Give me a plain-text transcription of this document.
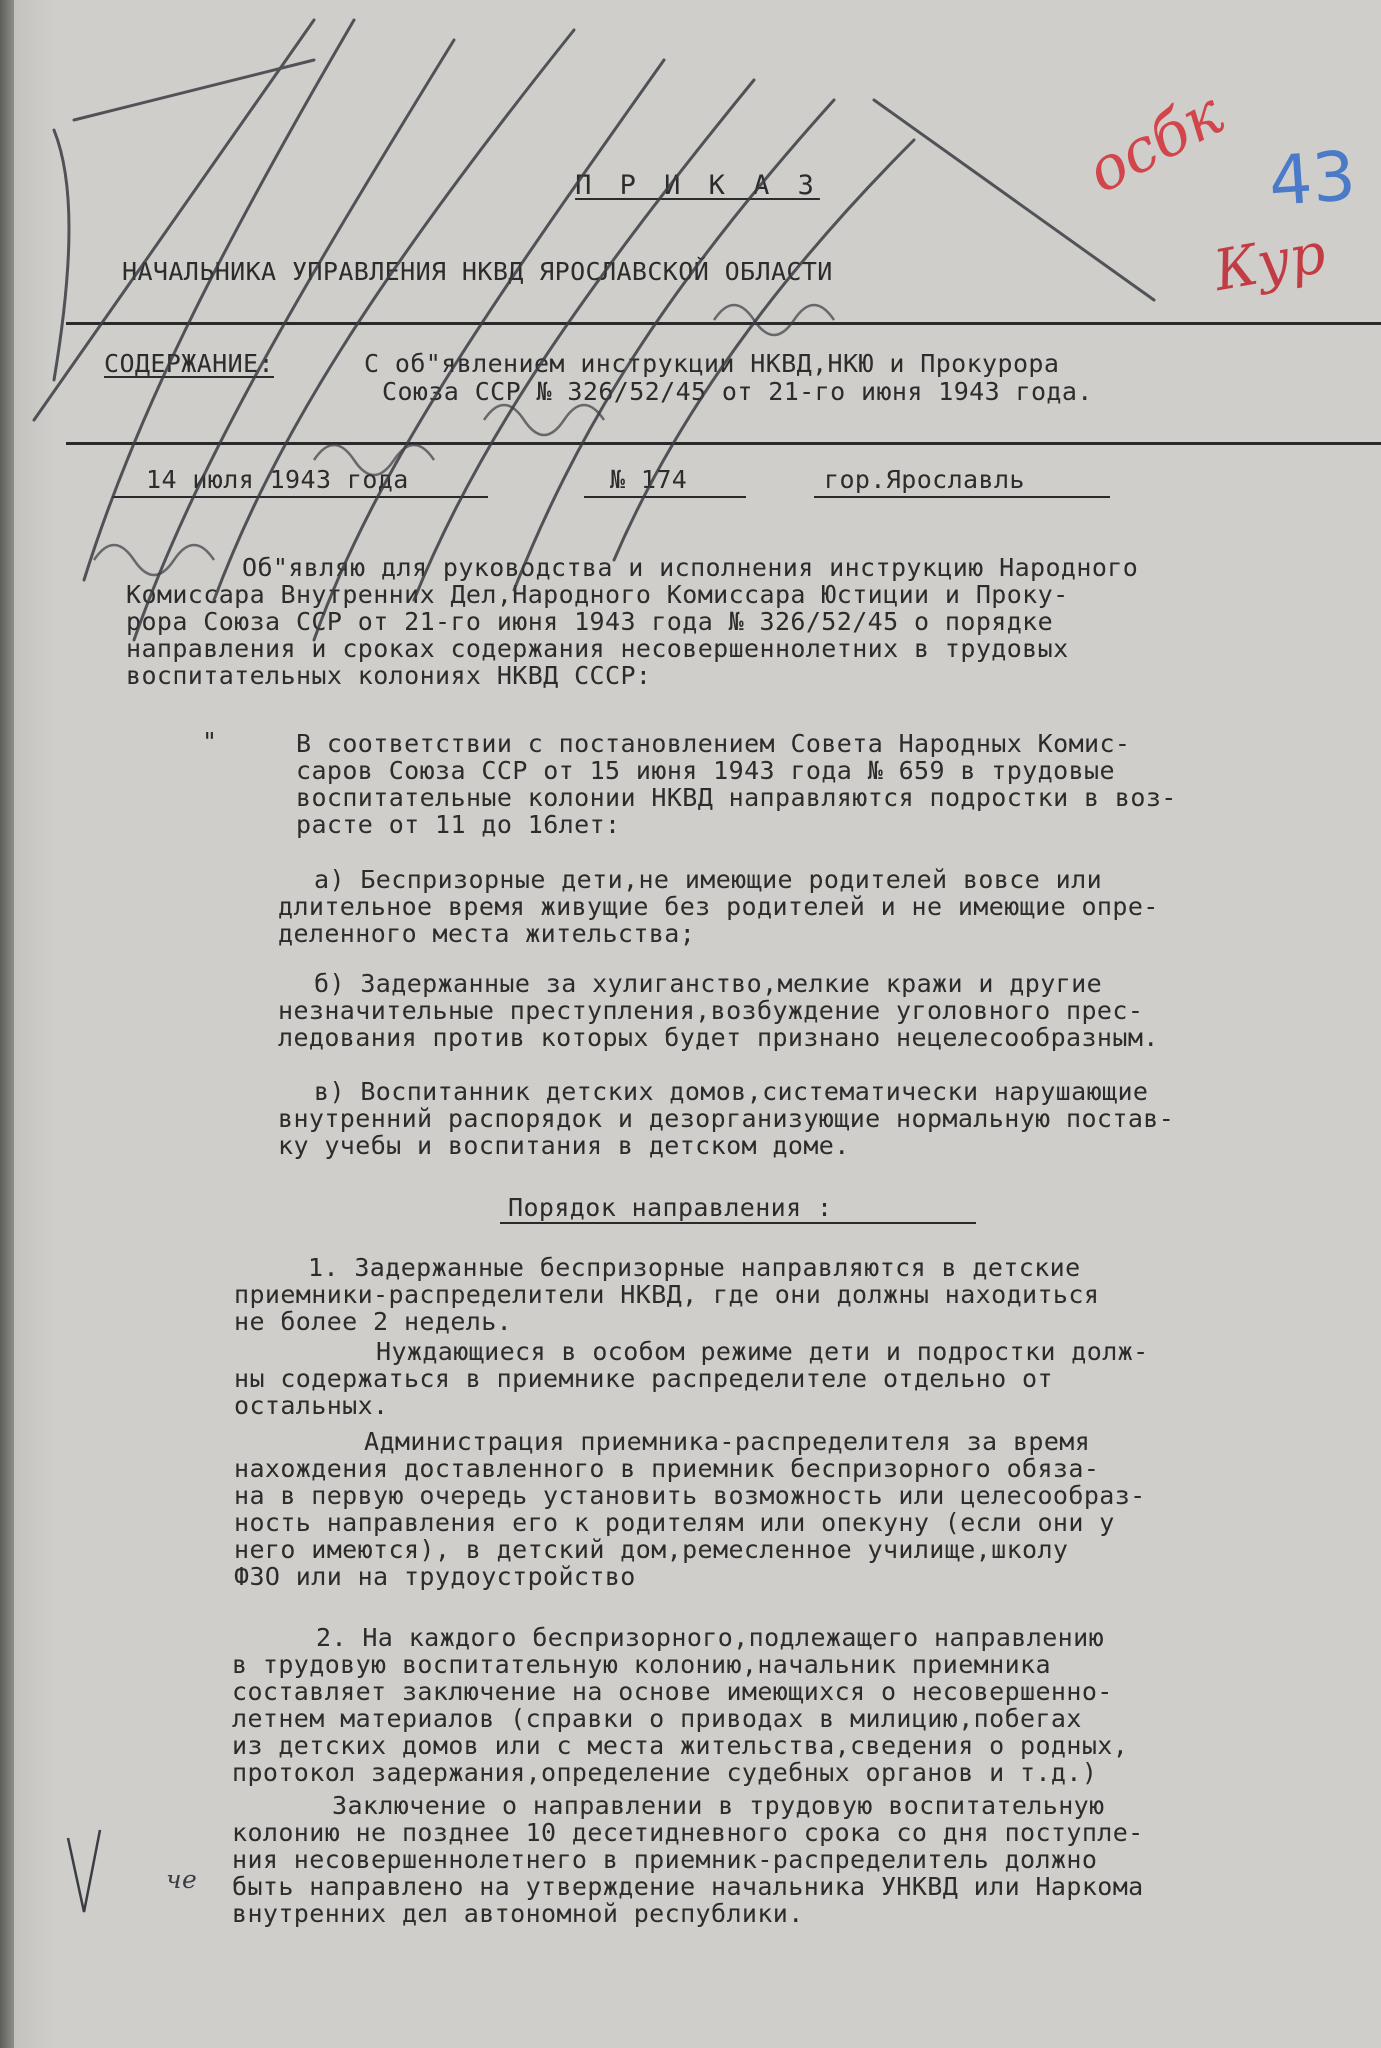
П Р И К А З
НАЧАЛЬНИКА УПРАВЛЕНИЯ НКВД ЯРОСЛАВСКОЙ ОБЛАСТИ
СОДЕРЖАНИЕ:	С об"явлением инструкции НКВД,НКЮ и Прокурора
Союза ССР № 326/52/45 от 21-го июня 1943 года.
14 июля 1943 года	№ 174	гор.Ярославль
Об"являю для руководства и исполнения инструкцию Народного
Комиссара Внутренних Дел,Народного Комиссара Юстиции и Проку-
рора Союза ССР от 21-го июня 1943 года № 326/52/45 о порядке
направления и сроках содержания несовершеннолетних в трудовых
воспитательных колониях НКВД СССР:
"	В соответствии с постановлением Совета Народных Комис-
саров Союза ССР от 15 июня 1943 года № 659 в трудовые
воспитательные колонии НКВД направляются подростки в воз-
расте от 11 до 16лет:
а) Беспризорные дети,не имеющие родителей вовсе или
длительное время живущие без родителей и не имеющие опре-
деленного места жительства;
б) Задержанные за хулиганство,мелкие кражи и другие
незначительные преступления,возбуждение уголовного прес-
ледования против которых будет признано нецелесообразным.
в) Воспитанник детских домов,систематически нарушающие
внутренний распорядок и дезорганизующие нормальную постав-
ку учебы и воспитания в детском доме.
Порядок направления :
1. Задержанные беспризорные направляются в детские
приемники-распределители НКВД, где они должны находиться
не более 2 недель.
Нуждающиеся в особом режиме дети и подростки долж-
ны содержаться в приемнике распределителе отдельно от
остальных.
Администрация приемника-распределителя за время
нахождения доставленного в приемник беспризорного обяза-
на в первую очередь установить возможность или целесообраз-
ность направления его к родителям или опекуну (если они у
него имеются), в детский дом,ремесленное училище,школу
ФЗО или на трудоустройство
2. На каждого беспризорного,подлежащего направлению
в трудовую воспитательную колонию,начальник приемника
составляет заключение на основе имеющихся о несовершенно-
летнем материалов (справки о приводах в милицию,побегах
из детских домов или с места жительства,сведения о родных,
протокол задержания,определение судебных органов и т.д.)
Заключение о направлении в трудовую воспитательную
колонию не позднее 10 десетидневного срока со дня поступле-
ния несовершеннолетнего в приемник-распределитель должно
быть направлено на утверждение начальника УНКВД или Наркома
внутренних дел автономной республики.
че
осбк
Кур
43
